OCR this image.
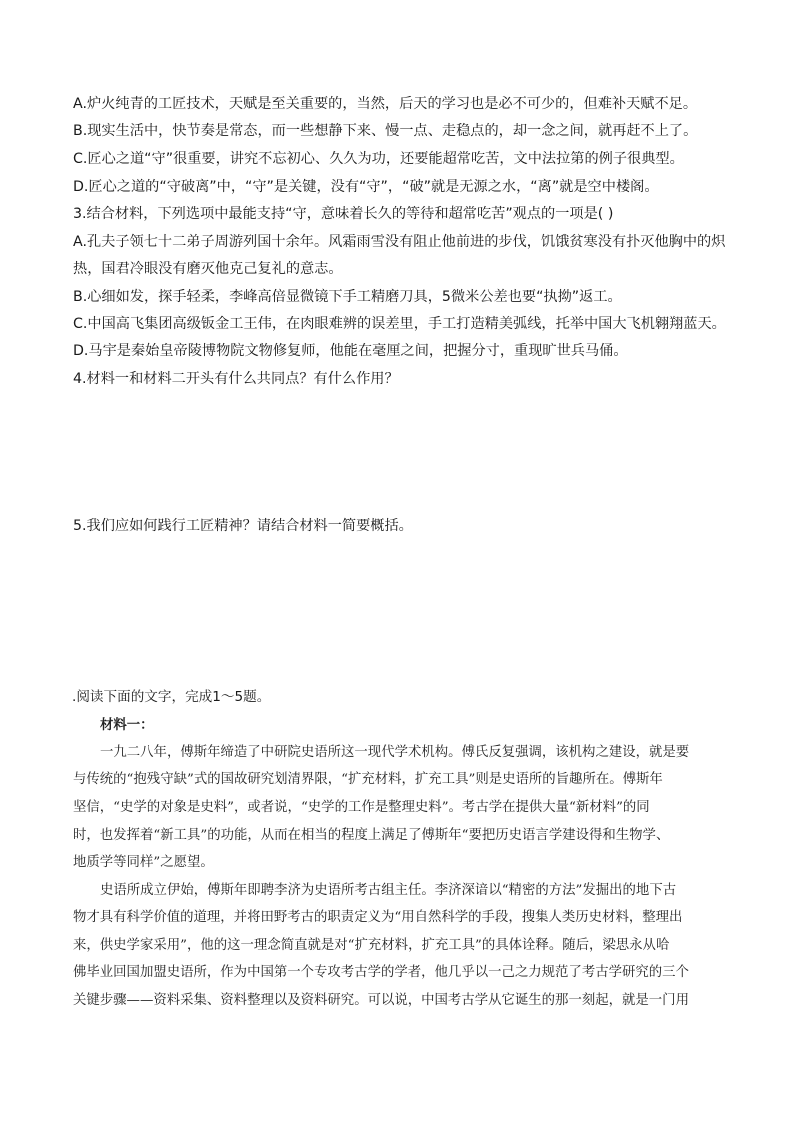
A.炉火纯青的工匠技术，天赋是至关重要的，当然，后天的学习也是必不可少的，但难补天赋不足。
B.现实生活中，快节奏是常态，而一些想静下来、慢一点、走稳点的，却一念之间，就再赶不上了。
C.匠心之道“守”很重要，讲究不忘初心、久久为功，还要能超常吃苦，文中法拉第的例子很典型。
D.匠心之道的“守破离”中，“守”是关键，没有“守”，“破”就是无源之水，“离”就是空中楼阁。
3.结合材料，下列选项中最能支持“守，意味着长久的等待和超常吃苦”观点的一项是( )
A.孔夫子领七十二弟子周游列国十余年。风霜雨雪没有阻止他前进的步伐，饥饿贫寒没有扑灭他胸中的炽
热，国君冷眼没有磨灭他克己复礼的意志。
B.心细如发，探手轻柔，李峰高倍显微镜下手工精磨刀具，5微米公差也要“执拗”返工。
C.中国高飞集团高级钣金工王伟，在肉眼难辨的误差里，手工打造精美弧线，托举中国大飞机翱翔蓝天。
D.马宇是秦始皇帝陵博物院文物修复师，他能在毫厘之间，把握分寸，重现旷世兵马俑。
4.材料一和材料二开头有什么共同点？有什么作用？
5.我们应如何践行工匠精神？请结合材料一简要概括。
.阅读下面的文字，完成1～5题。
材料一：
一九二八年，傅斯年缔造了中研院史语所这一现代学术机构。傅氏反复强调，该机构之建设，就是要
与传统的“抱残守缺”式的国故研究划清界限，“扩充材料，扩充工具”则是史语所的旨趣所在。傅斯年
坚信，“史学的对象是史料”，或者说，“史学的工作是整理史料”。考古学在提供大量“新材料”的同
时，也发挥着“新工具”的功能，从而在相当的程度上满足了傅斯年“要把历史语言学建设得和生物学、
地质学等同样”之愿望。
史语所成立伊始，傅斯年即聘李济为史语所考古组主任。李济深谙以“精密的方法”发掘出的地下古
物才具有科学价值的道理，并将田野考古的职责定义为“用自然科学的手段，搜集人类历史材料，整理出
来，供史学家采用”，他的这一理念简直就是对“扩充材料，扩充工具”的具体诠释。随后，梁思永从哈
佛毕业回国加盟史语所，作为中国第一个专攻考古学的学者，他几乎以一己之力规范了考古学研究的三个
关键步骤——资料采集、资料整理以及资料研究。可以说，中国考古学从它诞生的那一刻起，就是一门用
